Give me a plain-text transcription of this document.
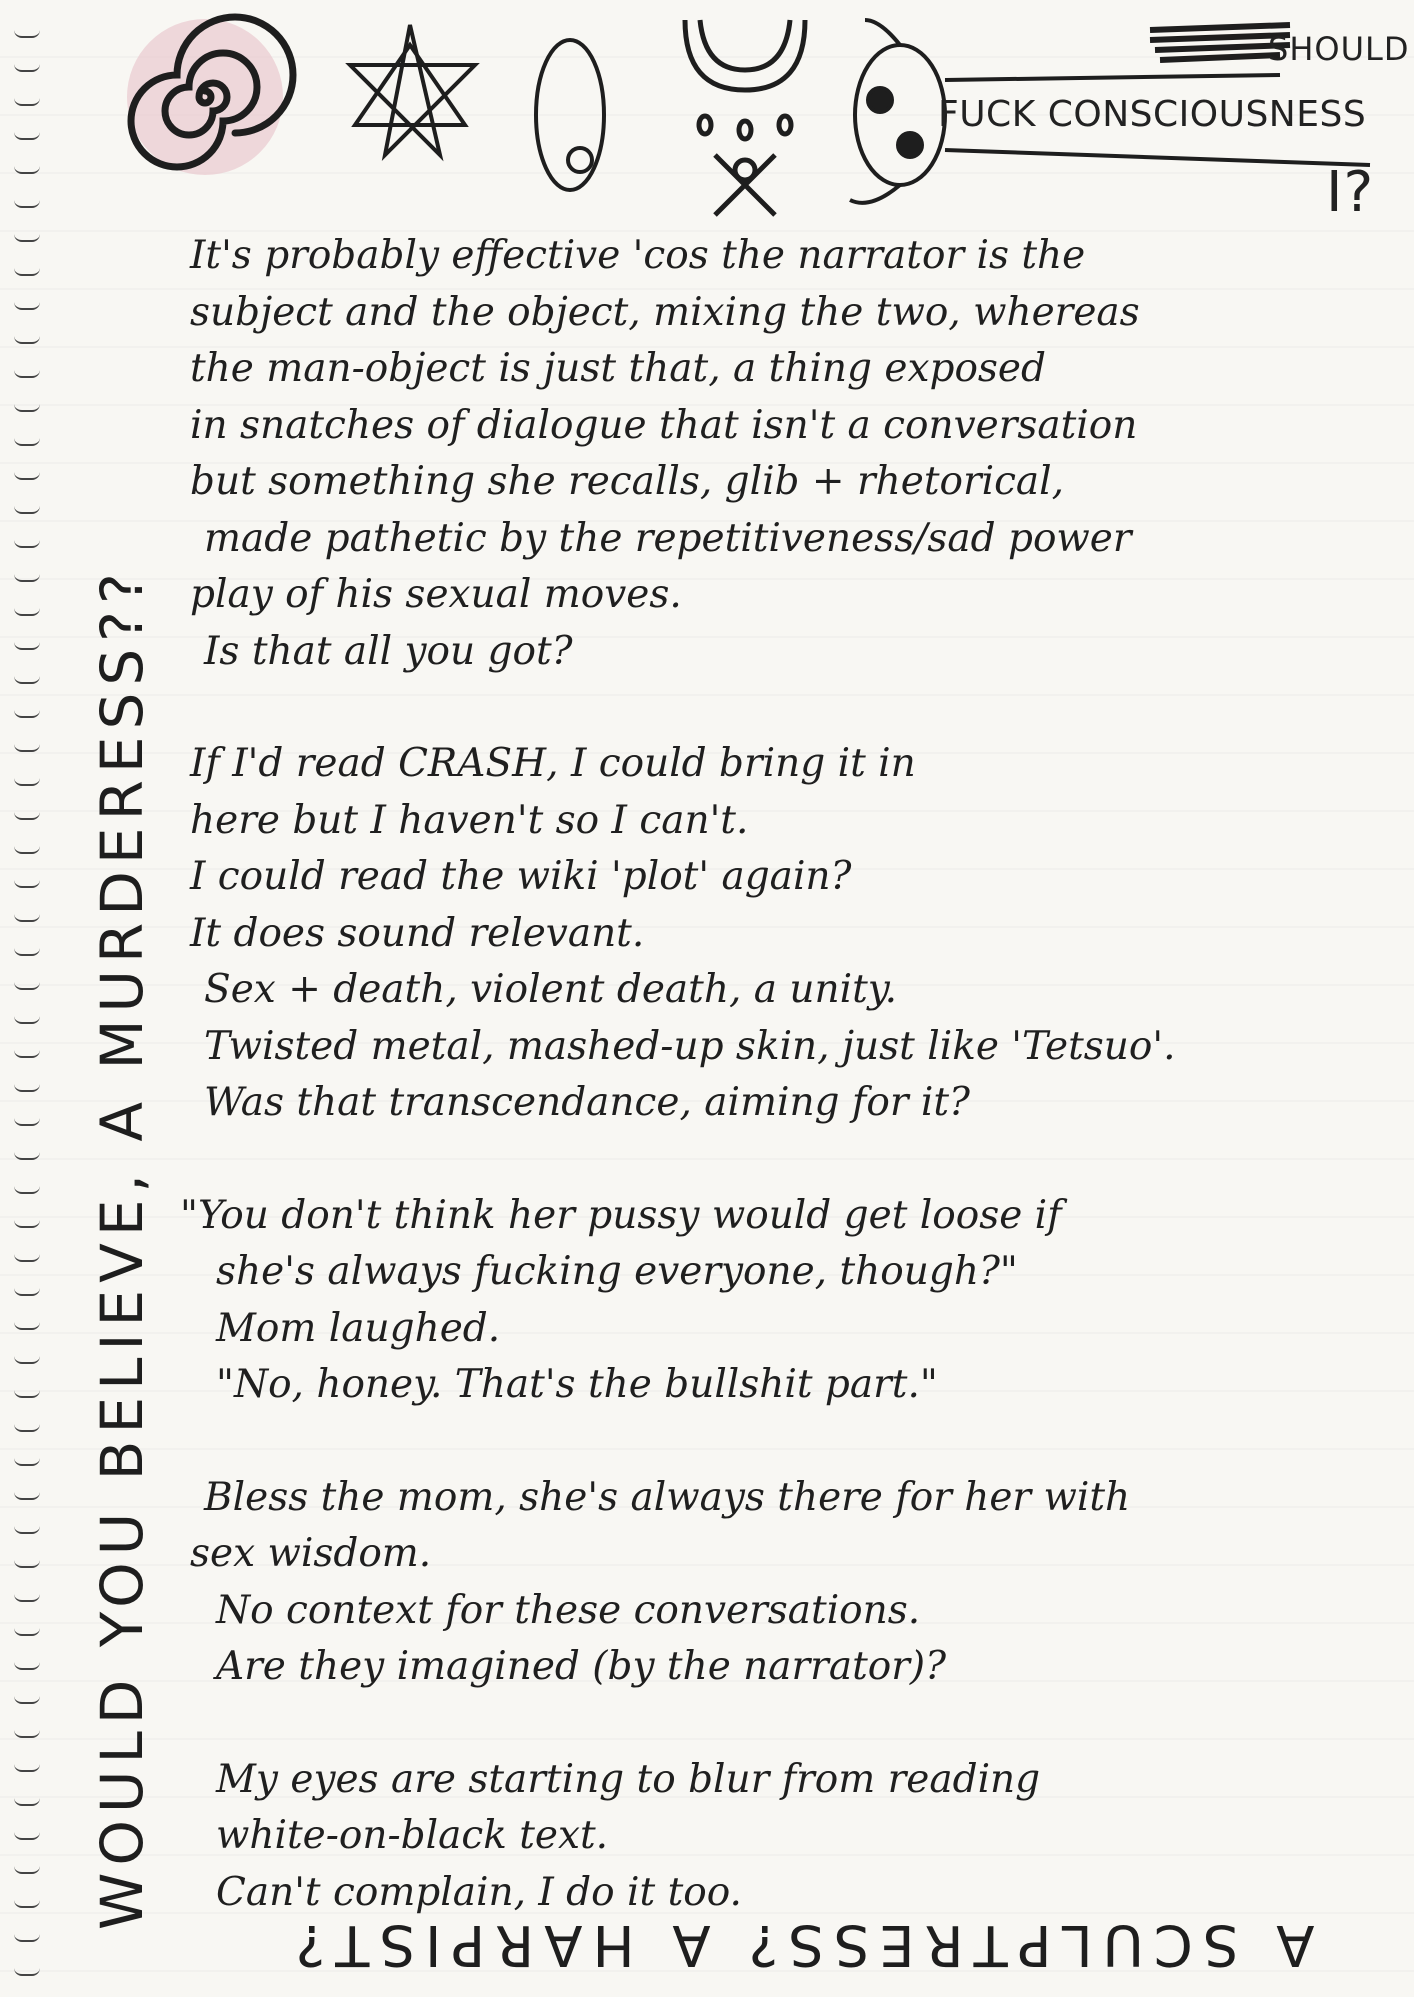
SHOULD
FUCK CONSCIOUSNESS
I?
WOULD YOU BELIEVE, A MURDERESS??
It's probably effective 'cos the narrator is the
subject and the object, mixing the two, whereas
the man-object is just that, a thing exposed
in snatches of dialogue that isn't a conversation
but something she recalls, glib + rhetorical,
made pathetic by the repetitiveness/sad power
play of his sexual moves.
Is that all you got?
If I'd read CRASH, I could bring it in
here but I haven't so I can't.
I could read the wiki 'plot' again?
It does sound relevant.
Sex + death, violent death, a unity.
Twisted metal, mashed-up skin, just like 'Tetsuo'.
Was that transcendance, aiming for it?
"You don't think her pussy would get loose if
she's always fucking everyone, though?"
Mom laughed.
"No, honey. That's the bullshit part."
Bless the mom, she's always there for her with
sex wisdom.
No context for these conversations.
Are they imagined (by the narrator)?
My eyes are starting to blur from reading
white-on-black text.
Can't complain, I do it too.
A SCULPTRESS? A HARPIST?
